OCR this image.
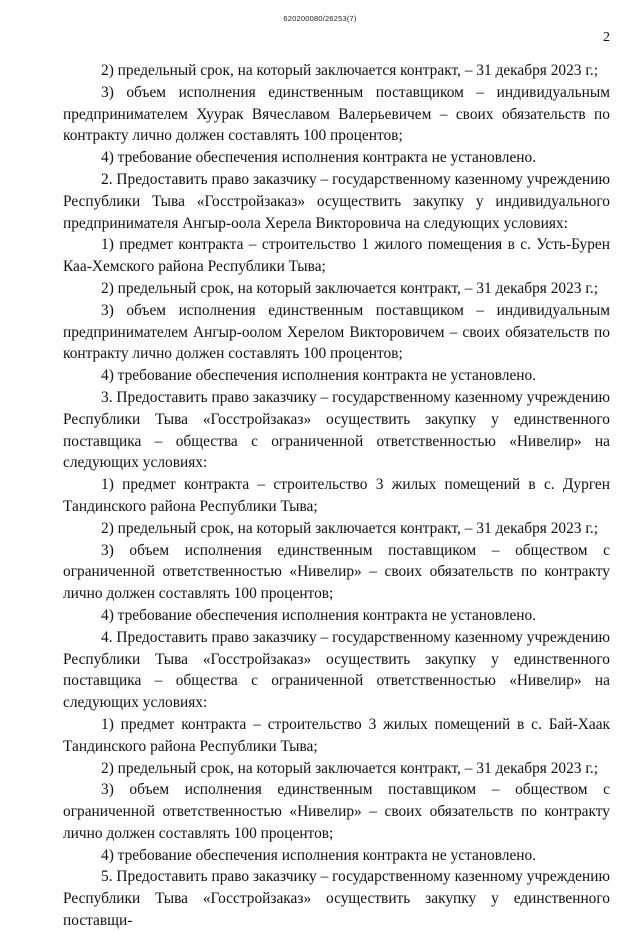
620200080/26253(7)
2

2) предельный срок, на который заключается контракт, – 31 декабря 2023 г.;

3) объем исполнения единственным поставщиком – индивидуальным предпринимателем Хуурак Вячеславом Валерьевичем – своих обязательств по контракту лично должен составлять 100 процентов;

4) требование обеспечения исполнения контракта не установлено.

2. Предоставить право заказчику – государственному казенному учреждению Республики Тыва «Госстройзаказ» осуществить закупку у индивидуального предпринимателя Ангыр-оола Херела Викторовича на следующих условиях:

1) предмет контракта – строительство 1 жилого помещения в с. Усть-Бурен Каа-Хемского района Республики Тыва;

2) предельный срок, на который заключается контракт, – 31 декабря 2023 г.;

3) объем исполнения единственным поставщиком – индивидуальным предпринимателем Ангыр-оолом Херелом Викторовичем – своих обязательств по контракту лично должен составлять 100 процентов;

4) требование обеспечения исполнения контракта не установлено.

3. Предоставить право заказчику – государственному казенному учреждению Республики Тыва «Госстройзаказ» осуществить закупку у единственного поставщика – общества с ограниченной ответственностью «Нивелир» на следующих условиях:

1) предмет контракта – строительство 3 жилых помещений в с. Дурген Тандинского района Республики Тыва;

2) предельный срок, на который заключается контракт, – 31 декабря 2023 г.;

3) объем исполнения единственным поставщиком – обществом с ограниченной ответственностью «Нивелир» – своих обязательств по контракту лично должен составлять 100 процентов;

4) требование обеспечения исполнения контракта не установлено.

4. Предоставить право заказчику – государственному казенному учреждению Республики Тыва «Госстройзаказ» осуществить закупку у единственного поставщика – общества с ограниченной ответственностью «Нивелир» на следующих условиях:

1) предмет контракта – строительство 3 жилых помещений в с. Бай-Хаак Тандинского района Республики Тыва;

2) предельный срок, на который заключается контракт, – 31 декабря 2023 г.;

3) объем исполнения единственным поставщиком – обществом с ограниченной ответственностью «Нивелир» – своих обязательств по контракту лично должен составлять 100 процентов;

4) требование обеспечения исполнения контракта не установлено.

5. Предоставить право заказчику – государственному казенному учреждению Республики Тыва «Госстройзаказ» осуществить закупку у единственного поставщи-
